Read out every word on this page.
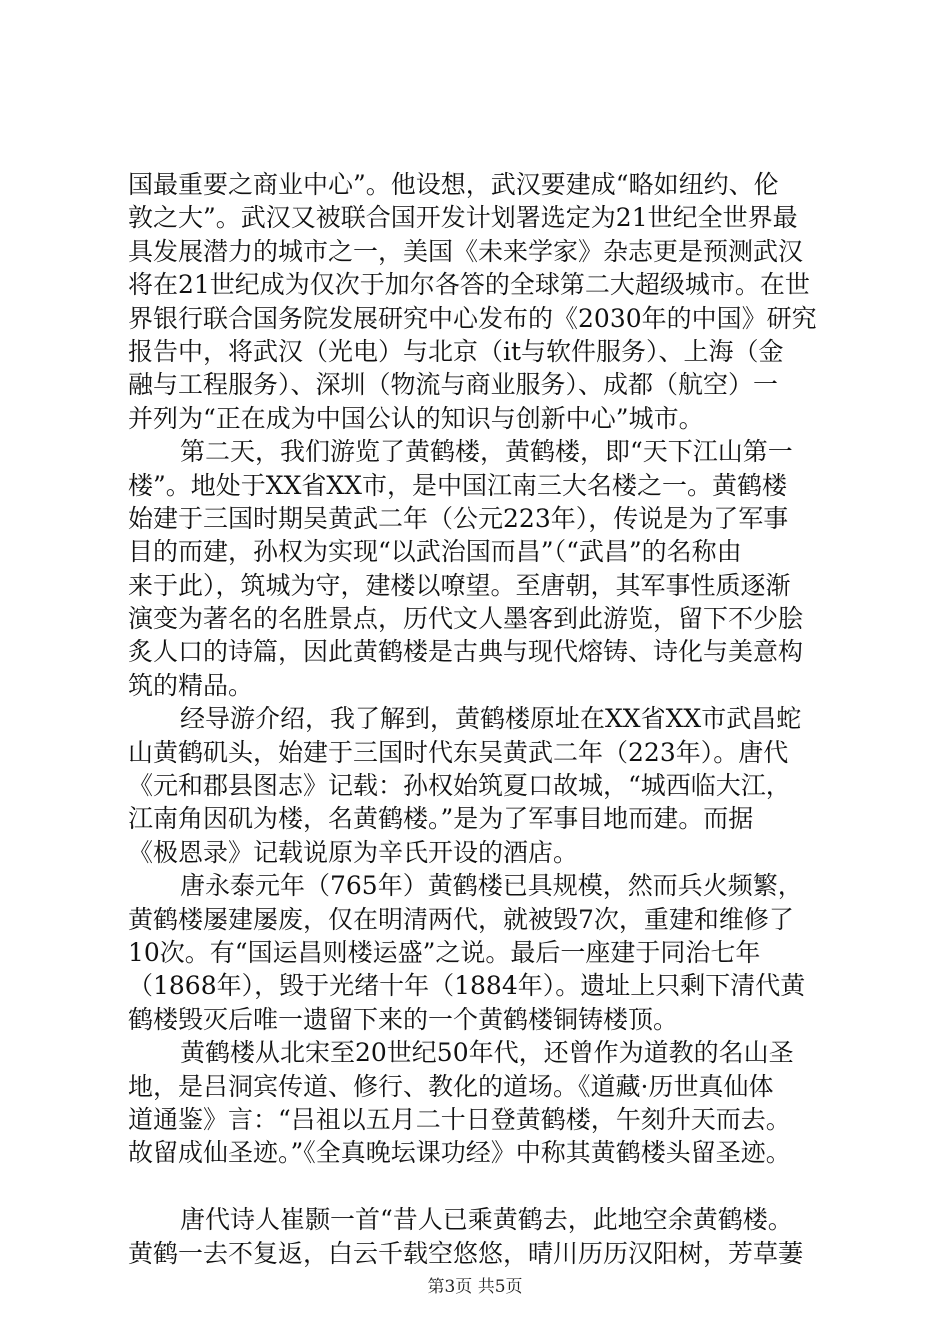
国最重要之商业中心”。他设想，武汉要建成“略如纽约、伦
敦之大”。武汉又被联合国开发计划署选定为21世纪全世界最
具发展潜力的城市之一，美国《未来学家》杂志更是预测武汉
将在21世纪成为仅次于加尔各答的全球第二大超级城市。在世
界银行联合国务院发展研究中心发布的《2030年的中国》研究
报告中，将武汉（光电）与北京（it与软件服务）、上海（金
融与工程服务）、深圳（物流与商业服务）、成都（航空）一
并列为“正在成为中国公认的知识与创新中心”城市。
第二天，我们游览了黄鹤楼，黄鹤楼，即“天下江山第一
楼”。地处于XX省XX市，是中国江南三大名楼之一。黄鹤楼
始建于三国时期吴黄武二年（公元223年），传说是为了军事
目的而建，孙权为实现“以武治国而昌”（“武昌”的名称由
来于此），筑城为守，建楼以嘹望。至唐朝，其军事性质逐渐
演变为著名的名胜景点，历代文人墨客到此游览，留下不少脍
炙人口的诗篇，因此黄鹤楼是古典与现代熔铸、诗化与美意构
筑的精品。
经导游介绍，我了解到，黄鹤楼原址在XX省XX市武昌蛇
山黄鹤矶头，始建于三国时代东吴黄武二年（223年）。唐代
《元和郡县图志》记载：孙权始筑夏口故城，“城西临大江，
江南角因矶为楼，名黄鹤楼。”是为了军事目地而建。而据
《极恩录》记载说原为辛氏开设的酒店。
唐永泰元年（765年）黄鹤楼已具规模，然而兵火频繁，
黄鹤楼屡建屡废，仅在明清两代，就被毁7次，重建和维修了
10次。有“国运昌则楼运盛”之说。最后一座建于同治七年
（1868年），毁于光绪十年（1884年）。遗址上只剩下清代黄
鹤楼毁灭后唯一遗留下来的一个黄鹤楼铜铸楼顶。
黄鹤楼从北宋至20世纪50年代，还曾作为道教的名山圣
地，是吕洞宾传道、修行、教化的道场。《道藏·历世真仙体
道通鉴》言：“吕祖以五月二十日登黄鹤楼，午刻升天而去。
故留成仙圣迹。”《全真晚坛课功经》中称其黄鹤楼头留圣迹。
唐代诗人崔颢一首“昔人已乘黄鹤去，此地空余黄鹤楼。
黄鹤一去不复返，白云千载空悠悠，晴川历历汉阳树，芳草萋
第3页 共5页
